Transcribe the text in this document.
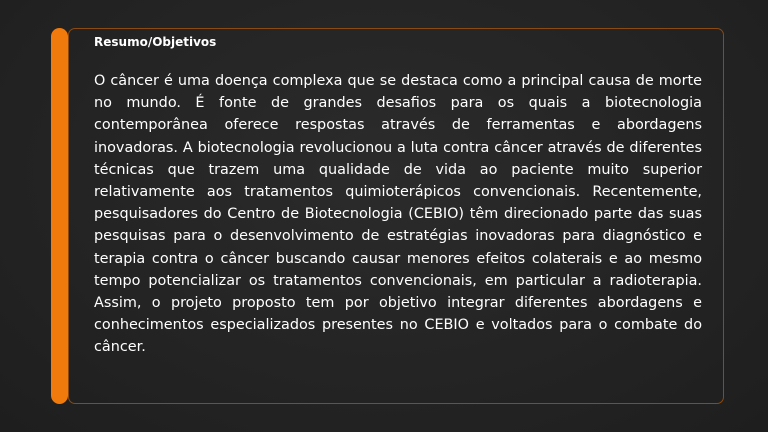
Resumo/Objetivos

O câncer é uma doença complexa que se destaca como a principal causa de morte no mundo. É fonte de grandes desafios para os quais a biotecnologia contemporânea oferece respostas através de ferramentas e abordagens inovadoras. A biotecnologia revolucionou a luta contra câncer através de diferentes técnicas que trazem uma qualidade de vida ao paciente muito superior relativamente aos tratamentos quimioterápicos convencionais. Recentemente, pesquisadores do Centro de Biotecnologia (CEBIO) têm direcionado parte das suas pesquisas para o desenvolvimento de estratégias inovadoras para diagnóstico e terapia contra o câncer buscando causar menores efeitos colaterais e ao mesmo tempo potencializar os tratamentos convencionais, em particular a radioterapia. Assim, o projeto proposto tem por objetivo integrar diferentes abordagens e conhecimentos especializados presentes no CEBIO e voltados para o combate do câncer.
